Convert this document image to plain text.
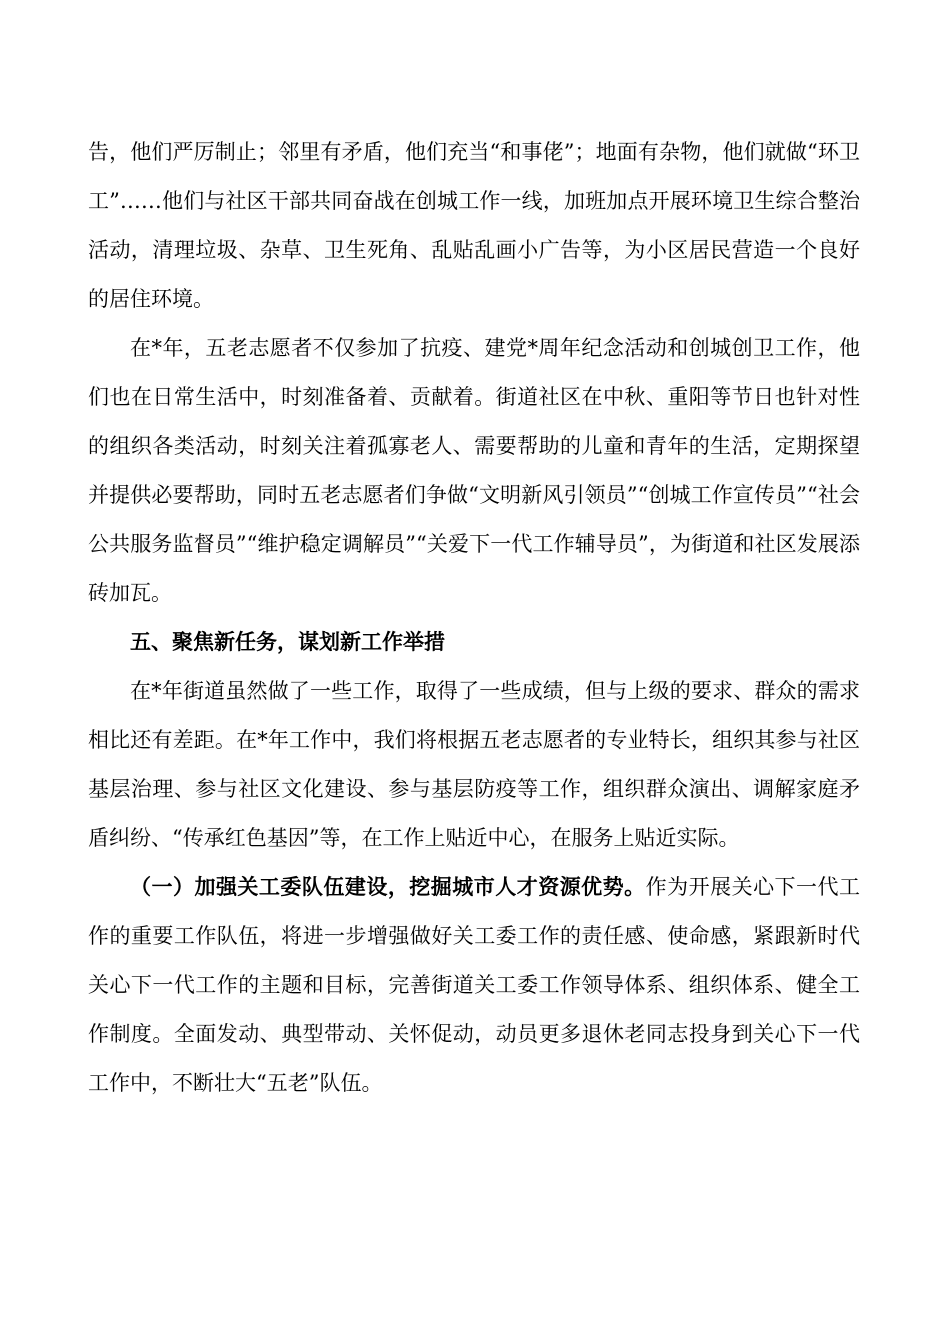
告，他们严厉制止；邻里有矛盾，他们充当“和事佬”；地面有杂物，他们就做“环卫工”……他们与社区干部共同奋战在创城工作一线，加班加点开展环境卫生综合整治活动，清理垃圾、杂草、卫生死角、乱贴乱画小广告等，为小区居民营造一个良好的居住环境。

在*年，五老志愿者不仅参加了抗疫、建党*周年纪念活动和创城创卫工作，他们也在日常生活中，时刻准备着、贡献着。街道社区在中秋、重阳等节日也针对性的组织各类活动，时刻关注着孤寡老人、需要帮助的儿童和青年的生活，定期探望并提供必要帮助，同时五老志愿者们争做“文明新风引领员”“创城工作宣传员”“社会公共服务监督员”“维护稳定调解员”“关爱下一代工作辅导员”，为街道和社区发展添砖加瓦。

五、聚焦新任务，谋划新工作举措

在*年街道虽然做了一些工作，取得了一些成绩，但与上级的要求、群众的需求相比还有差距。在*年工作中，我们将根据五老志愿者的专业特长，组织其参与社区基层治理、参与社区文化建设、参与基层防疫等工作，组织群众演出、调解家庭矛盾纠纷、“传承红色基因”等，在工作上贴近中心，在服务上贴近实际。

（一）加强关工委队伍建设，挖掘城市人才资源优势。作为开展关心下一代工作的重要工作队伍，将进一步增强做好关工委工作的责任感、使命感，紧跟新时代关心下一代工作的主题和目标，完善街道关工委工作领导体系、组织体系、健全工作制度。全面发动、典型带动、关怀促动，动员更多退休老同志投身到关心下一代工作中，不断壮大“五老”队伍。
